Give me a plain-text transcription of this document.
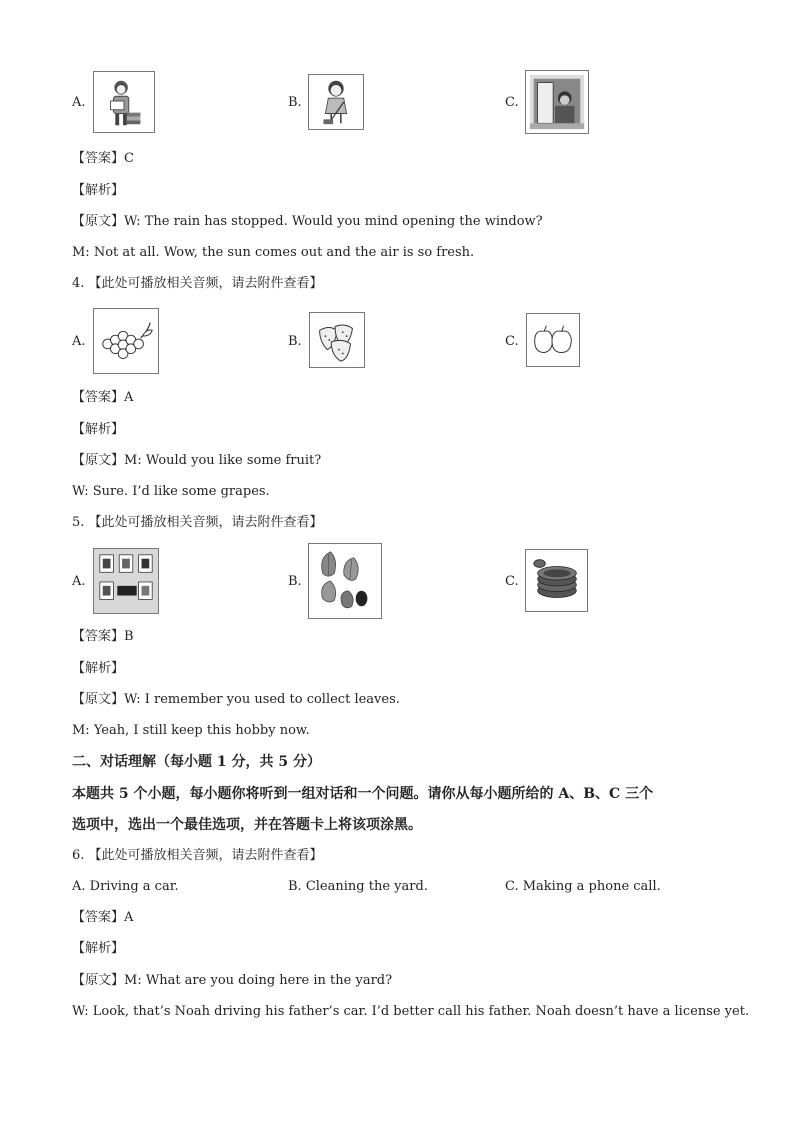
A.	B.	C.
【答案】C
【解析】
【原文】W: The rain has stopped. Would you mind opening the window?
M: Not at all. Wow, the sun comes out and the air is so fresh.
4. 【此处可播放相关音频，请去附件查看】
A.	B.	C.
【答案】A
【解析】
【原文】M: Would you like some fruit?
W: Sure. I’d like some grapes.
5. 【此处可播放相关音频，请去附件查看】
A.	B.	C.
【答案】B
【解析】
【原文】W: I remember you used to collect leaves.
M: Yeah, I still keep this hobby now.
二、对话理解（每小题 1 分，共 5 分）
本题共 5 个小题，每小题你将听到一组对话和一个问题。请你从每小题所给的 A、B、C 三个
选项中，选出一个最佳选项，并在答题卡上将该项涂黑。
6. 【此处可播放相关音频，请去附件查看】
A. Driving a car.	B. Cleaning the yard.	C. Making a phone call.
【答案】A
【解析】
【原文】M: What are you doing here in the yard?
W: Look, that’s Noah driving his father’s car. I’d better call his father. Noah doesn’t have a license yet.
